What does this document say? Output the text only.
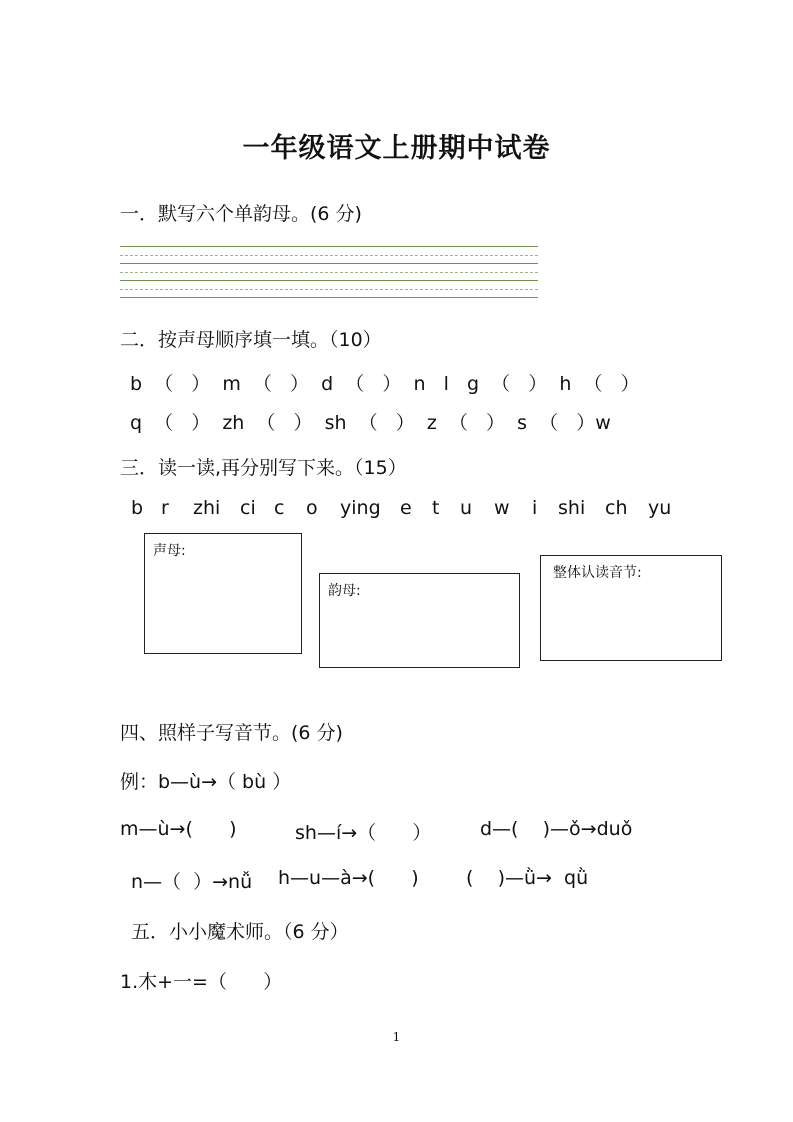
一年级语文上册期中试卷
一．默写六个单韵母。(6 分)
二．按声母顺序填一填。（10）
b  （   ）  m  （   ）  d  （   ）  n   l   g  （   ）  h  （   ）
q  （   ）  zh  （   ）  sh  （   ）  z  （   ）  s  （   ）w
三．读一读,再分别写下来。（15）
b r zhi ci c o ying e t u w i shi ch yu
声母:
韵母:
整体认读音节:
四、照样子写音节。(6 分)
例：b—ù→（ bù ）
m—ù→(      )	sh—í→（      ）	d—(    )—ǒ→duǒ
n—（  ）→nǚ h—u—à→(      ) (    )—ǜ→  qǜ
五．小小魔术师。（6 分）
1.木+一=（      ）
1
